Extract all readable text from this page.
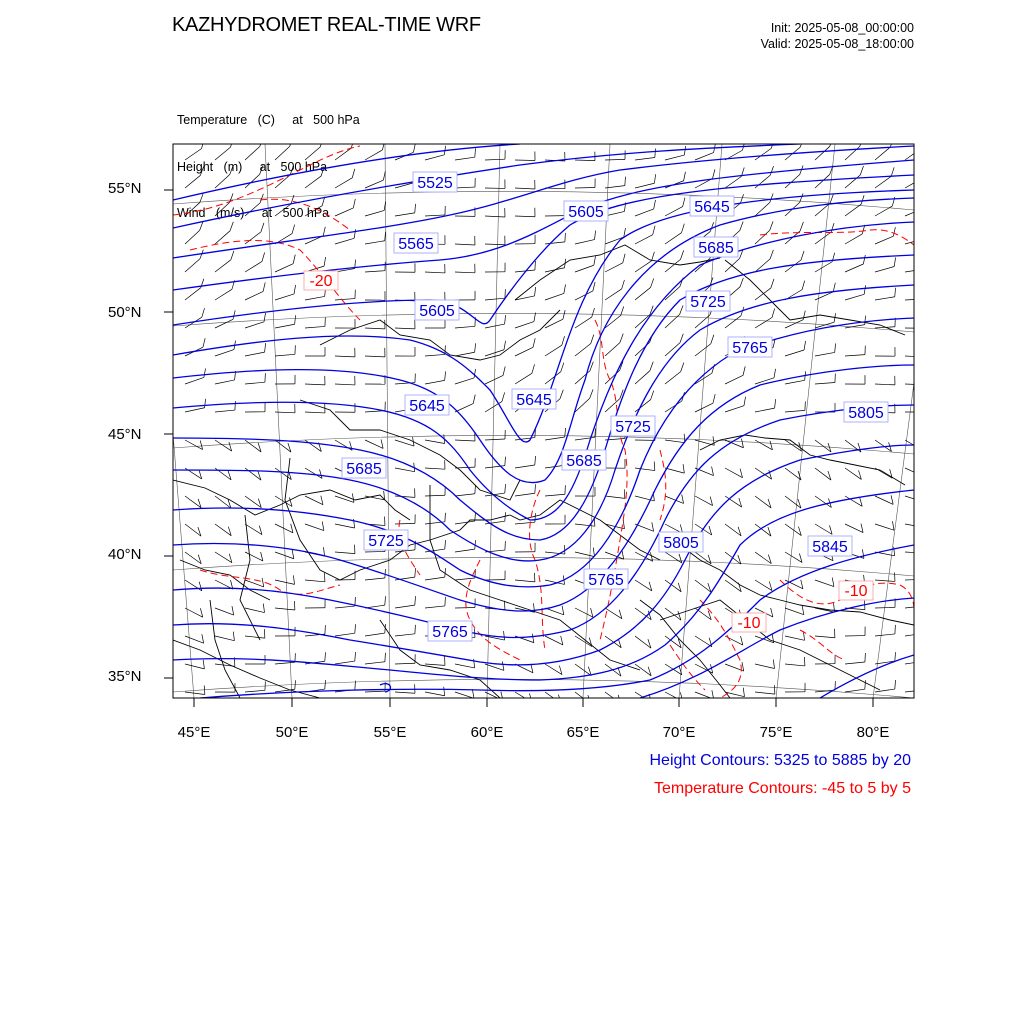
KAZHYDROMET REAL-TIME WRF	Init: 2025-05-08_00:00:00
Valid: 2025-05-08_18:00:00

Temperature   (C)     at   500 hPa

Height   (m)     at   500 hPa

Wind   (m/s)     at   500 hPa

5525
5605	5645
5565	5685
5605
5725
5765
5645	5645
5805
5725
5685	5685
5725	5805	5845
5765
5765
-20
-10
-10
55°N
50°N
45°N
40°N
35°N
45°E	50°E	55°E	60°E	65°E	70°E	75°E	80°E
Height Contours: 5325 to 5885 by 20
Temperature Contours: -45 to 5 by 5
